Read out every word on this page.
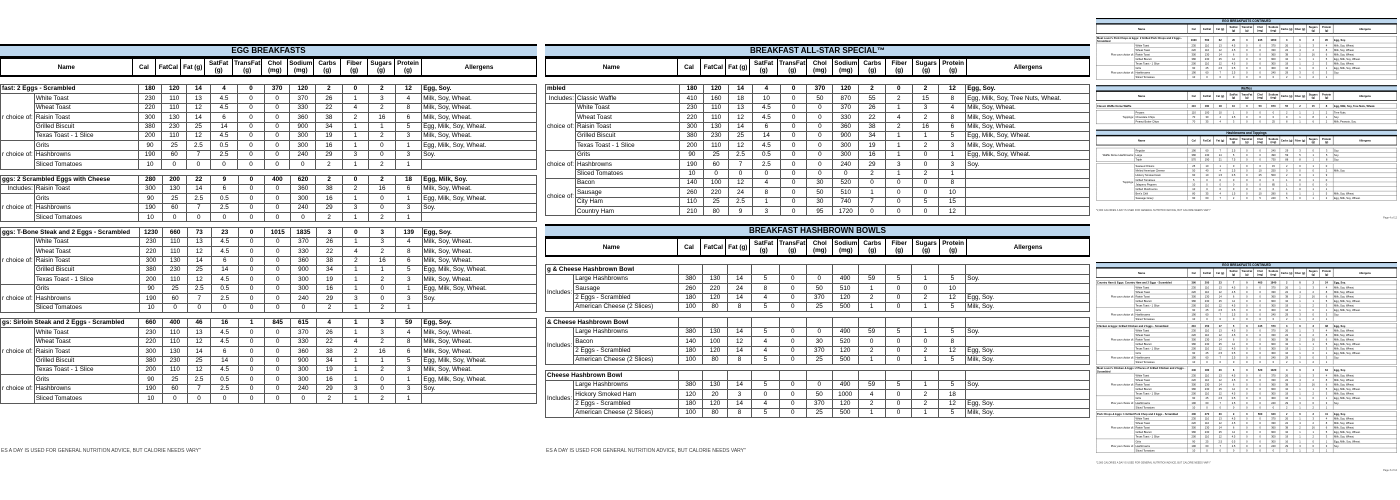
EGG BREAKFASTS
Name	Cal	FatCal	Fat (g)	SatFat (g)	TransFat (g)	Chol (mg)	Sodium (mg)	Carbs (g)	Fiber (g)	Sugars (g)	Protein (g)	Allergens
fast: 2 Eggs - Scrambled		180	120	14	4	0	370	120	2	0	2	12	Egg, Soy.
r choice of:	White Toast	230	110	13	4.5	0	0	370	26	1	3	4	Milk, Soy, Wheat.
	Wheat Toast	220	110	12	4.5	0	0	330	22	4	2	8	Milk, Soy, Wheat.
	Raisin Toast	300	130	14	6	0	0	360	38	2	16	6	Milk, Soy, Wheat.
	Grilled Biscuit	380	230	25	14	0	0	900	34	1	1	5	Egg, Milk, Soy, Wheat.
	Texas Toast - 1 Slice	200	110	12	4.5	0	0	300	19	1	2	3	Milk, Soy, Wheat.
r choice of:	Grits	90	25	2.5	0.5	0	0	300	16	1	0	1	Egg, Milk, Soy, Wheat.
	Hashbrowns	190	60	7	2.5	0	0	240	29	3	0	3	Soy.
	Sliced Tomatoes	10	0	0	0	0	0	0	2	1	2	1	
ggs: 2 Scrambled Eggs with Cheese		280	200	22	9	0	400	620	2	0	2	18	Egg, Milk, Soy.
Includes:	Raisin Toast	300	130	14	6	0	0	360	38	2	16	6	Milk, Soy, Wheat.
r choice of:	Grits	90	25	2.5	0.5	0	0	300	16	1	0	1	Egg, Milk, Soy, Wheat.
	Hashbrowns	190	60	7	2.5	0	0	240	29	3	0	3	Soy.
	Sliced Tomatoes	10	0	0	0	0	0	0	2	1	2	1	
ggs: T-Bone Steak and 2 Eggs - Scrambled		1230	660	73	23	0	1015	1835	3	0	3	139	Egg, Soy.
r choice of:	White Toast	230	110	13	4.5	0	0	370	26	1	3	4	Milk, Soy, Wheat.
	Wheat Toast	220	110	12	4.5	0	0	330	22	4	2	8	Milk, Soy, Wheat.
	Raisin Toast	300	130	14	6	0	0	360	38	2	16	6	Milk, Soy, Wheat.
	Grilled Biscuit	380	230	25	14	0	0	900	34	1	1	5	Egg, Milk, Soy, Wheat.
	Texas Toast - 1 Slice	200	110	12	4.5	0	0	300	19	1	2	3	Milk, Soy, Wheat.
r choice of:	Grits	90	25	2.5	0.5	0	0	300	16	1	0	1	Egg, Milk, Soy, Wheat.
	Hashbrowns	190	60	7	2.5	0	0	240	29	3	0	3	Soy.
	Sliced Tomatoes	10	0	0	0	0	0	0	2	1	2	1	
gs: Sirloin Steak and 2 Eggs - Scrambled		660	400	46	16	1	845	615	4	1	3	59	Egg, Soy.
r choice of:	White Toast	230	110	13	4.5	0	0	370	26	1	3	4	Milk, Soy, Wheat.
	Wheat Toast	220	110	12	4.5	0	0	330	22	4	2	8	Milk, Soy, Wheat.
	Raisin Toast	300	130	14	6	0	0	360	38	2	16	6	Milk, Soy, Wheat.
	Grilled Biscuit	380	230	25	14	0	0	900	34	1	1	5	Egg, Milk, Soy, Wheat.
	Texas Toast - 1 Slice	200	110	12	4.5	0	0	300	19	1	2	3	Milk, Soy, Wheat.
r choice of:	Grits	90	25	2.5	0.5	0	0	300	16	1	0	1	Egg, Milk, Soy, Wheat.
	Hashbrowns	190	60	7	2.5	0	0	240	29	3	0	3	Soy.
	Sliced Tomatoes	10	0	0	0	0	0	0	2	1	2	1	
ES A DAY IS USED FOR GENERAL NUTRITION ADVICE, BUT CALORIE NEEDS VARY"
BREAKFAST ALL-STAR SPECIAL™
Name	Cal	FatCal	Fat (g)	SatFat (g)	TransFat (g)	Chol (mg)	Sodium (mg)	Carbs (g)	Fiber (g)	Sugars (g)	Protein (g)	Allergens
mbled		180	120	14	4	0	370	120	2	0	2	12	Egg, Soy.
Includes:	Classic Waffle	410	160	18	10	0	50	870	55	2	15	8	Egg, Milk, Soy, Tree Nuts, Wheat.
choice of:	White Toast	230	110	13	4.5	0	0	370	26	1	3	4	Milk, Soy, Wheat.
	Wheat Toast	220	110	12	4.5	0	0	330	22	4	2	8	Milk, Soy, Wheat.
	Raisin Toast	300	130	14	6	0	0	360	38	2	16	6	Milk, Soy, Wheat.
	Grilled Biscuit	380	230	25	14	0	0	900	34	1	1	5	Egg, Milk, Soy, Wheat.
	Texas Toast - 1 Slice	200	110	12	4.5	0	0	300	19	1	2	3	Milk, Soy, Wheat.
choice of:	Grits	90	25	2.5	0.5	0	0	300	16	1	0	1	Egg, Milk, Soy, Wheat.
	Hashbrowns	190	60	7	2.5	0	0	240	29	3	0	3	Soy.
	Sliced Tomatoes	10	0	0	0	0	0	0	2	1	2	1	
choice of:	Bacon	140	100	12	4	0	30	520	0	0	0	8	
	Sausage	260	220	24	8	0	50	510	1	0	0	10	
	City Ham	110	25	2.5	1	0	30	740	7	0	5	15	
	Country Ham	210	80	9	3	0	95	1720	0	0	0	12	
BREAKFAST HASHBROWN BOWLS
Name	Cal	FatCal	Fat (g)	SatFat (g)	TransFat (g)	Chol (mg)	Sodium (mg)	Carbs (g)	Fiber (g)	Sugars (g)	Protein (g)	Allergens
g & Cheese Hashbrown Bowl													
Includes:	Large Hashbrowns	380	130	14	5	0	0	490	59	5	1	5	Soy.
	Sausage	260	220	24	8	0	50	510	1	0	0	10	
	2 Eggs - Scrambled	180	120	14	4	0	370	120	2	0	2	12	Egg, Soy.
	American Cheese (2 Slices)	100	80	8	5	0	25	500	1	0	1	5	Milk, Soy.
& Cheese Hashbrown Bowl													
Includes:	Large Hashbrowns	380	130	14	5	0	0	490	59	5	1	5	Soy.
	Bacon	140	100	12	4	0	30	520	0	0	0	8	
	2 Eggs - Scrambled	180	120	14	4	0	370	120	2	0	2	12	Egg, Soy.
	American Cheese (2 Slices)	100	80	8	5	0	25	500	1	0	1	5	Milk, Soy.
Cheese Hashbrown Bowl													
Includes:	Large Hashbrowns	380	130	14	5	0	0	490	59	5	1	5	Soy.
	Hickory Smoked Ham	120	20	3	0	0	50	1000	4	0	2	18	
	2 Eggs - Scrambled	180	120	14	4	0	370	120	2	0	2	12	Egg, Soy.
	American Cheese (2 Slices)	100	80	8	5	0	25	500	1	0	1	5	Milk, Soy.
ES A DAY IS USED FOR GENERAL NUTRITION ADVICE, BUT CALORIE NEEDS VARY"
EGG BREAKFASTS CONTINUED
Name	Cal	FatCal	Fat (g)	SatFat (g)	TransFat (g)	Chol (mg)	Sodium (mg)	Carbs (g)	Fiber (g)	Sugars (g)	Protein (g)	Allergens
Meat Lover's Pork Chops & Eggs: 2 Grilled Pork Chops and 2 Eggs - Scrambled		1030	560	62	20	0	945	1350	3	0	3	95	Egg, Soy.
Plus your choice of:	White Toast	230	110	13	4.5	0	0	370	26	1	3	4	Milk, Soy, Wheat.
	Wheat Toast	220	110	12	4.5	0	0	330	22	4	2	8	Milk, Soy, Wheat.
	Raisin Toast	300	130	14	6	0	0	360	38	2	16	6	Milk, Soy, Wheat.
	Grilled Biscuit	380	230	25	14	0	0	900	34	1	1	5	Egg, Milk, Soy, Wheat.
	Texas Toast - 1 Slice	200	110	12	4.5	0	0	300	19	1	2	3	Milk, Soy, Wheat.
Plus your choice of:	Grits	90	25	2.5	0.5	0	0	300	16	1	0	1	Egg, Milk, Soy, Wheat.
	Hashbrowns	190	60	7	2.5	0	0	240	29	3	0	3	Soy.
	Sliced Tomatoes	10	0	0	0	0	0	0	2	1	2	1	
Waffles
Name	Cal	FatCal	Fat (g)	SatFat (g)	TransFat (g)	Chol (mg)	Sodium (mg)	Carbs (g)	Fiber (g)	Sugars (g)	Protein (g)	Allergens
Classic Waffle Dome Waffle	410	160	18	10	0	50	870	55	2	15	8	Egg, Milk, Soy, Tree Nuts, Wheat.
Toppings:	Pecans	110	100	10	1	0	0	0	2	1	1	2	Tree Nuts.
	Chocolate Chips	70	30	4	2.5	0	0	0	9	1	8	1	Soy.
	Peanut Butter Chips	70	35	4	3	0	0	25	8	1	6	2	Milk, Peanuts, Soy.
Hashbrowns and Toppings
Name	Cal	FatCal	Fat (g)	SatFat (g)	TransFat (g)	Chol (mg)	Sodium (mg)	Carbs (g)	Fiber (g)	Sugars (g)	Protein (g)	Allergens
Waffle Dome Hashbrowns:	Regular	190	60	7	2.5	0	0	240	29	3	0	3	Soy.
	Large	380	130	14	5	0	0	490	59	5	1	5	Soy.
	Triple	570	190	21	7.5	0	0	730	88	8	1	8	Soy.
Toppings:	Sauteed Onions	25	10	1	0	0	0	15	2	0	1	0	
	Melted American Cheese	50	40	4	2.5	0	10	250	0	0	0	2	Milk, Soy.
	Hickory Smoked Ham	60	10	1.5	0.5	0	25	500	2	0	1	9	
	Grilled Tomatoes	5	0	0	0	0	0	0	1	0	1	0	
	Jalapeno Peppers	10	0	0	0	0	0	85	1	0	0	0	
	Grilled Mushrooms	10	0	0	0	0	0	0	1	0	1	1	
	Bert's Chili	80	35	4	1.5	0	10	280	6	1	1	5	Milk, Soy, Wheat.
	Sausage Gravy	90	60	7	2	0	5	240	5	0	1	2	Egg, Milk, Soy, Wheat.
*2,000 CALORIES A DAY IS USED FOR GENERAL NUTRITION ADVICE, BUT CALORIE NEEDS VARY"
Page 4 of 12
EGG BREAKFASTS CONTINUED
Name	Cal	FatCal	Fat (g)	SatFat (g)	TransFat (g)	Chol (mg)	Sodium (mg)	Carbs (g)	Fiber (g)	Sugars (g)	Protein (g)	Allergens
Country Ham & Eggs: Country Ham and 2 Eggs - Scrambled		390	200	23	7	0	465	1840	2	0	2	24	Egg, Soy.
Plus your choice of:	White Toast	230	110	13	4.5	0	0	370	26	1	3	4	Milk, Soy, Wheat.
	Wheat Toast	220	110	12	4.5	0	0	330	22	4	2	8	Milk, Soy, Wheat.
	Raisin Toast	300	130	14	6	0	0	360	38	2	16	6	Milk, Soy, Wheat.
	Grilled Biscuit	380	230	25	14	0	0	900	34	1	1	5	Egg, Milk, Soy, Wheat.
	Texas Toast - 1 Slice	200	110	12	4.5	0	0	300	19	1	2	3	Milk, Soy, Wheat.
Plus your choice of:	Grits	90	25	2.5	0.5	0	0	300	16	1	0	1	Egg, Milk, Soy, Wheat.
	Hashbrowns	190	60	7	2.5	0	0	240	29	3	0	3	Soy.
	Sliced Tomatoes	10	0	0	0	0	0	0	2	1	2	1	
Chicken & Eggs: Grilled Chicken and 2 Eggs - Scrambled		310	150	17	5	0	445	570	3	0	3	38	Egg, Soy.
Plus your choice of:	White Toast	230	110	13	4.5	0	0	370	26	1	3	4	Milk, Soy, Wheat.
	Wheat Toast	220	110	12	4.5	0	0	330	22	4	2	8	Milk, Soy, Wheat.
	Raisin Toast	300	130	14	6	0	0	360	38	2	16	6	Milk, Soy, Wheat.
	Grilled Biscuit	380	230	25	14	0	0	900	34	1	1	5	Egg, Milk, Soy, Wheat.
	Texas Toast - 1 Slice	200	110	12	4.5	0	0	300	19	1	2	3	Milk, Soy, Wheat.
Plus your choice of:	Grits	90	25	2.5	0.5	0	0	300	16	1	0	1	Egg, Milk, Soy, Wheat.
	Hashbrowns	190	60	7	2.5	0	0	240	29	3	0	3	Soy.
	Sliced Tomatoes	10	0	0	0	0	0	0	2	1	2	1	
Meat Lover's Chicken & Eggs: 2 Pieces of Grilled Chicken and 2 Eggs - Scrambled		440	180	20	6	0	520	1020	4	0	4	64	Egg, Soy.
Plus your choice of:	White Toast	230	110	13	4.5	0	0	370	26	1	3	4	Milk, Soy, Wheat.
	Wheat Toast	220	110	12	4.5	0	0	330	22	4	2	8	Milk, Soy, Wheat.
	Raisin Toast	300	130	14	6	0	0	360	38	2	16	6	Milk, Soy, Wheat.
	Grilled Biscuit	380	230	25	14	0	0	900	34	1	1	5	Egg, Milk, Soy, Wheat.
	Texas Toast - 1 Slice	200	110	12	4.5	0	0	300	19	1	2	3	Milk, Soy, Wheat.
Plus your choice of:	Grits	90	25	2.5	0.5	0	0	300	16	1	0	1	Egg, Milk, Soy, Wheat.
	Hashbrowns	190	60	7	2.5	0	0	240	29	3	0	3	Soy.
	Sliced Tomatoes	10	0	0	0	0	0	0	2	1	2	1	
Pork Chops & Eggs: 1 Grilled Pork Chop and 2 Eggs - Scrambled		430	270	30	9	0	560	640	2	0	2	41	Egg, Soy.
Plus your choice of:	White Toast	230	110	13	4.5	0	0	370	26	1	3	4	Milk, Soy, Wheat.
	Wheat Toast	220	110	12	4.5	0	0	330	22	4	2	8	Milk, Soy, Wheat.
	Raisin Toast	300	130	14	6	0	0	360	38	2	16	6	Milk, Soy, Wheat.
	Grilled Biscuit	380	230	25	14	0	0	900	34	1	1	5	Egg, Milk, Soy, Wheat.
	Texas Toast - 1 Slice	200	110	12	4.5	0	0	300	19	1	2	3	Milk, Soy, Wheat.
Plus your choice of:	Grits	90	25	2.5	0.5	0	0	300	16	1	0	1	Egg, Milk, Soy, Wheat.
	Hashbrowns	190	60	7	2.5	0	0	240	29	3	0	3	Soy.
	Sliced Tomatoes	10	0	0	0	0	0	0	2	1	2	1	
*2,000 CALORIES A DAY IS USED FOR GENERAL NUTRITION ADVICE, BUT CALORIE NEEDS VARY"
Page 3 of 12
